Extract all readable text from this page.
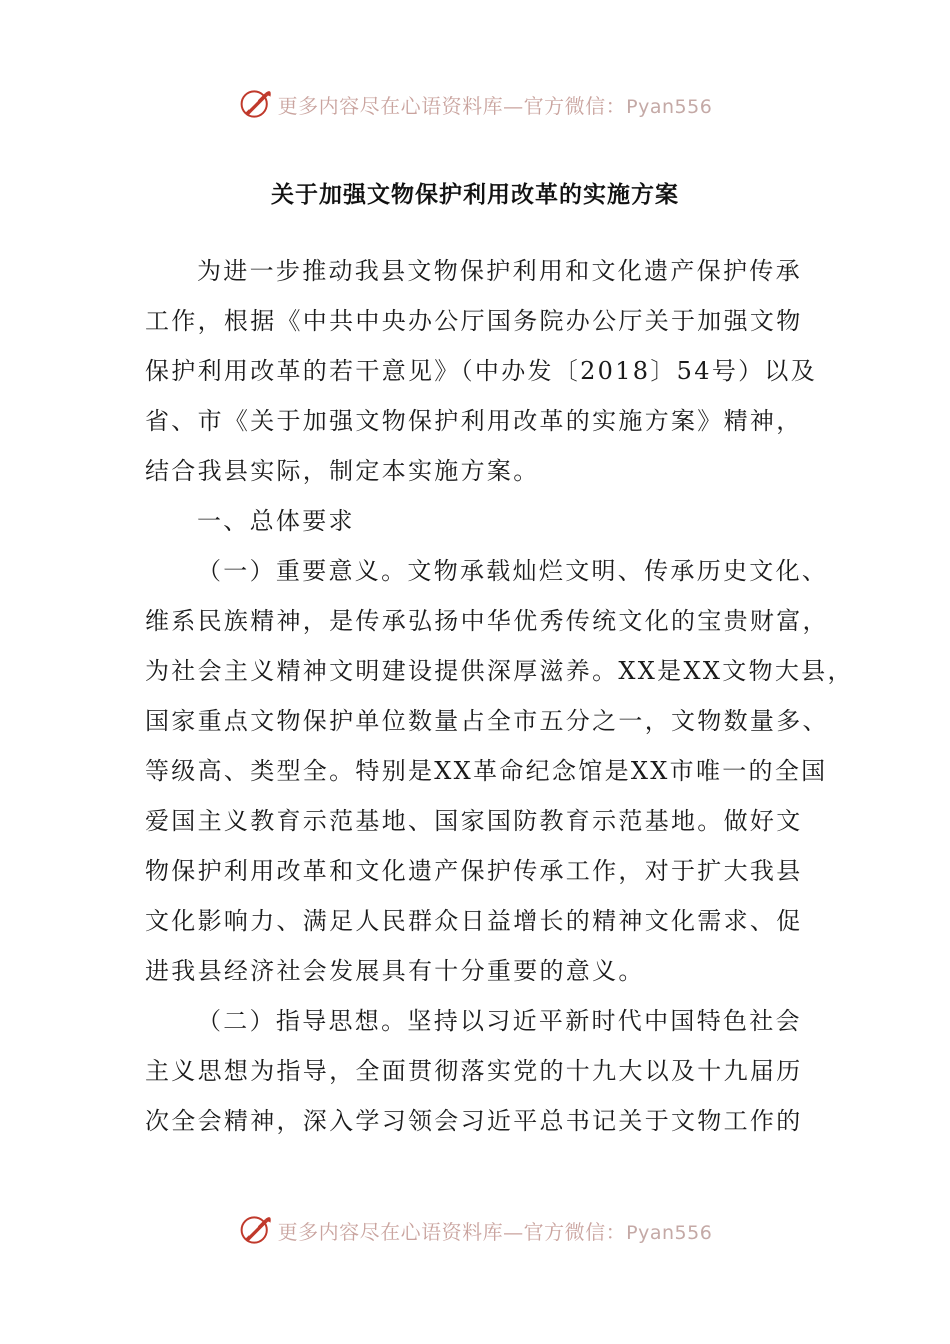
更多内容尽在心语资料库—官方微信：Pyan556
关于加强文物保护利用改革的实施方案

为进一步推动我县文物保护利用和文化遗产保护传承
工作，根据《中共中央办公厅国务院办公厅关于加强文物
保护利用改革的若干意见》（中办发〔2018〕54号）以及
省、市《关于加强文物保护利用改革的实施方案》精神，
结合我县实际，制定本实施方案。

一、总体要求

（一）重要意义。文物承载灿烂文明、传承历史文化、
维系民族精神，是传承弘扬中华优秀传统文化的宝贵财富，
为社会主义精神文明建设提供深厚滋养。XX是XX文物大县，
国家重点文物保护单位数量占全市五分之一，文物数量多、
等级高、类型全。特别是XX革命纪念馆是XX市唯一的全国
爱国主义教育示范基地、国家国防教育示范基地。做好文
物保护利用改革和文化遗产保护传承工作，对于扩大我县
文化影响力、满足人民群众日益增长的精神文化需求、促
进我县经济社会发展具有十分重要的意义。

（二）指导思想。坚持以习近平新时代中国特色社会
主义思想为指导，全面贯彻落实党的十九大以及十九届历
次全会精神，深入学习领会习近平总书记关于文物工作的

更多内容尽在心语资料库—官方微信：Pyan556
